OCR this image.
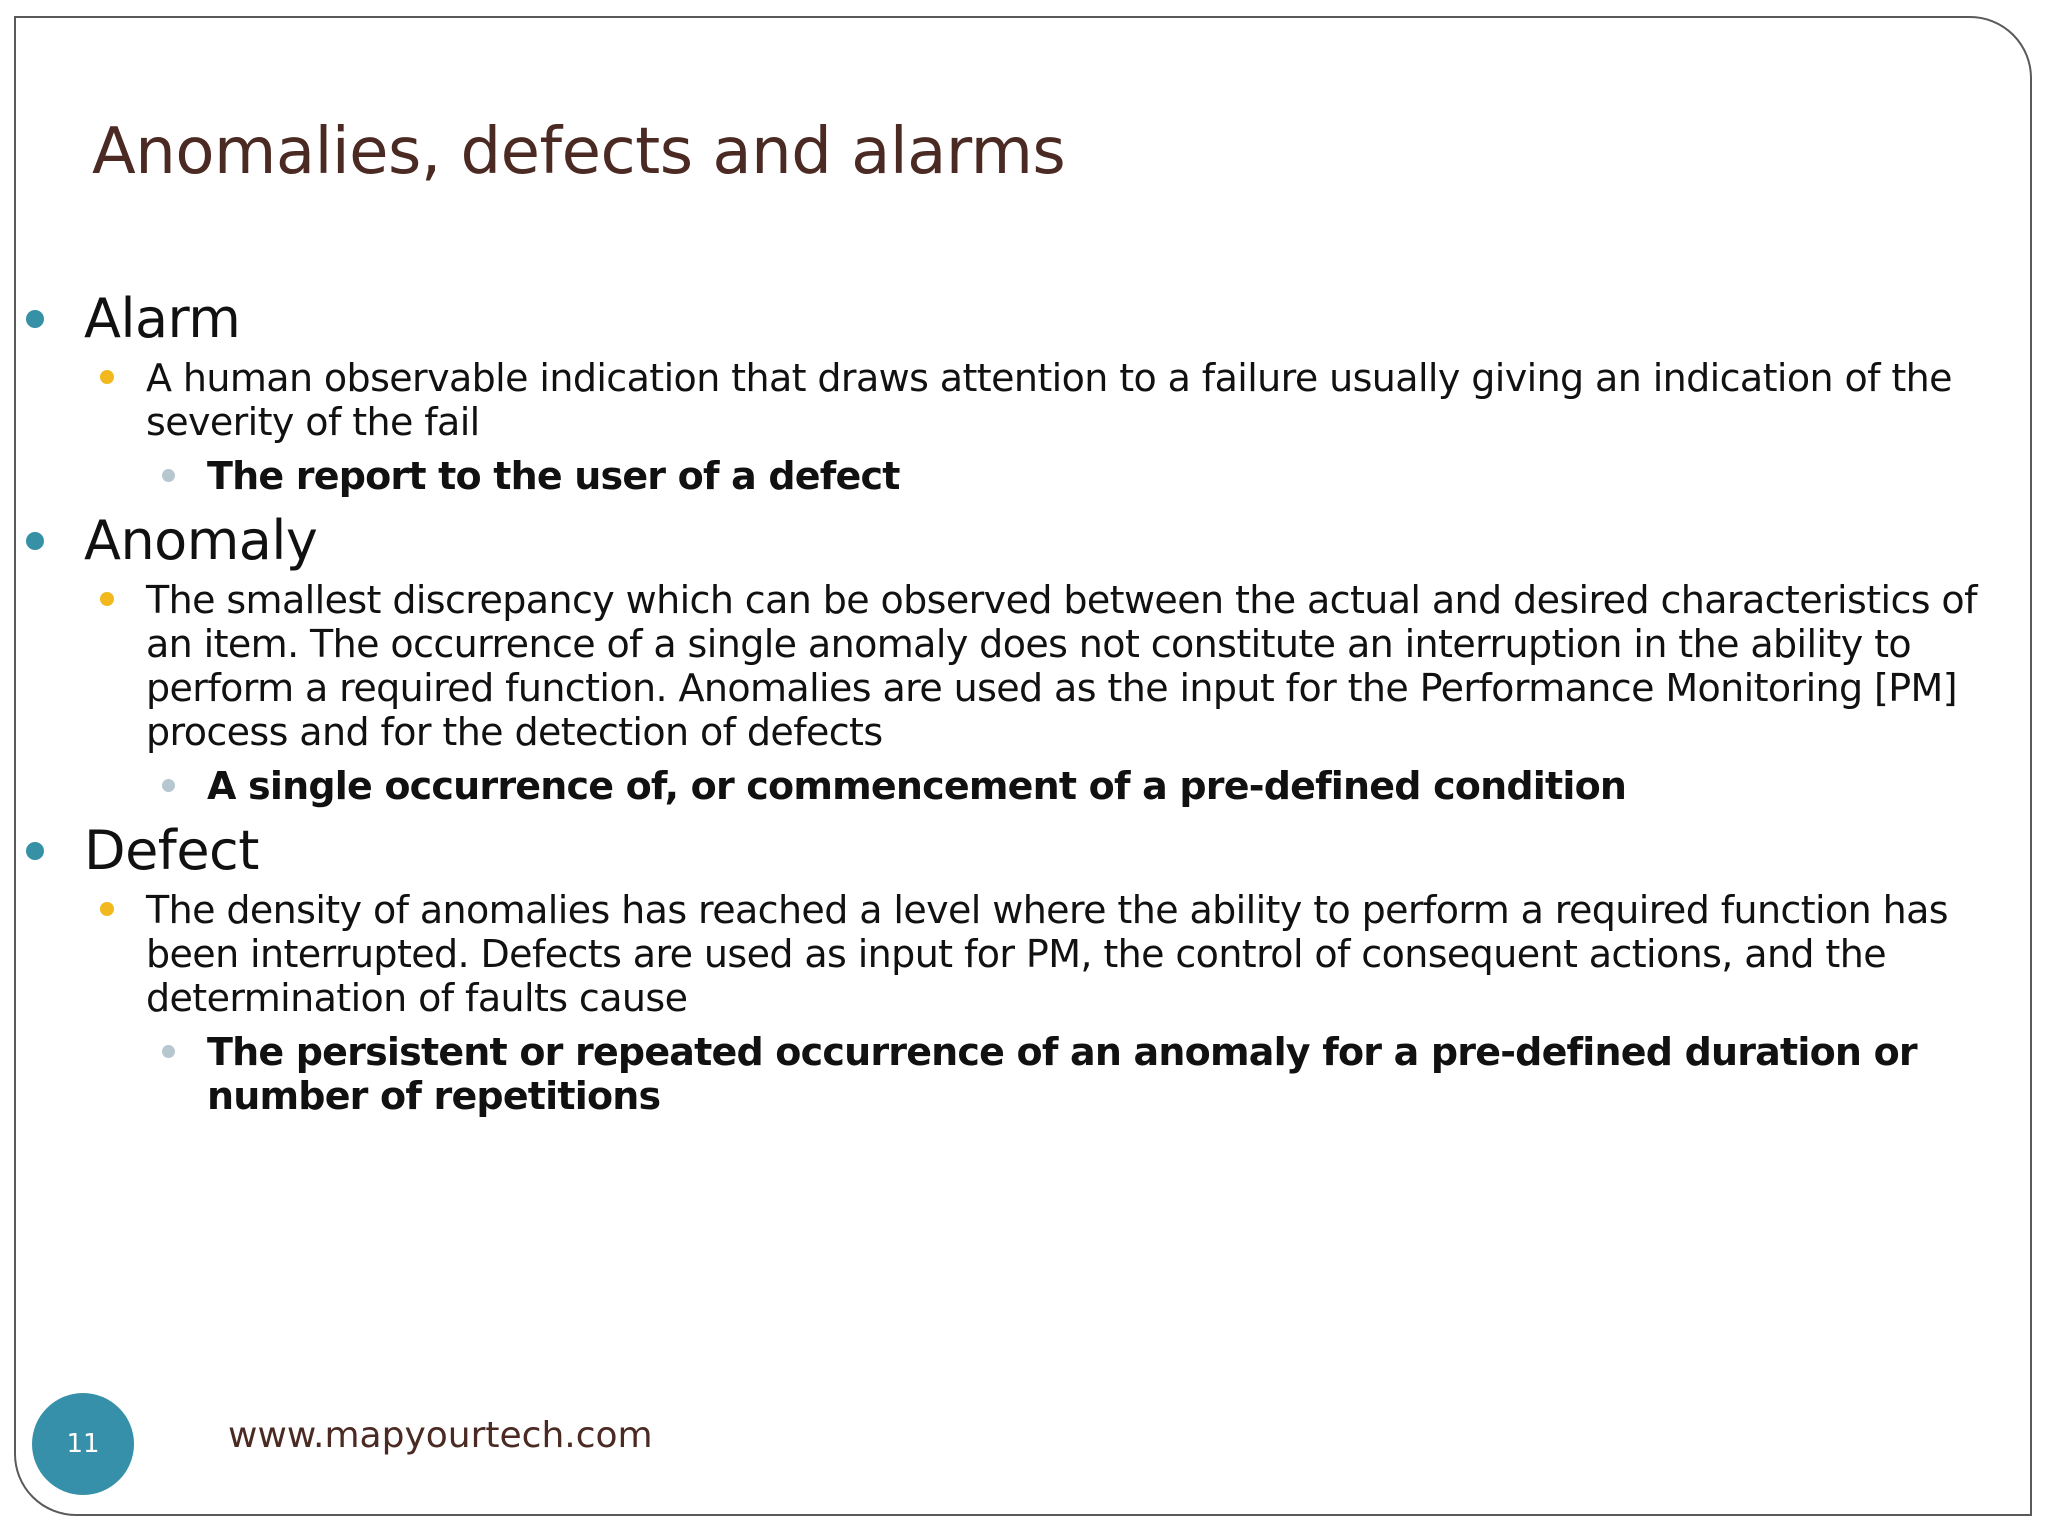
Anomalies, defects and alarms
Alarm
A human observable indication that draws attention to a failure usually giving an indication of the severity of the fail
The report to the user of a defect
Anomaly
The smallest discrepancy which can be observed between the actual and desired characteristics of an item. The occurrence of a single anomaly does not constitute an interruption in the ability to perform a required function. Anomalies are used as the input for the Performance Monitoring [PM] process and for the detection of defects
A single occurrence of, or commencement of a pre-defined condition
Defect
The density of anomalies has reached a level where the ability to perform a required function has been interrupted. Defects are used as input for PM, the control of consequent actions, and the determination of faults cause
The persistent or repeated occurrence of an anomaly for a pre-defined duration or number of repetitions
11	www.mapyourtech.com
